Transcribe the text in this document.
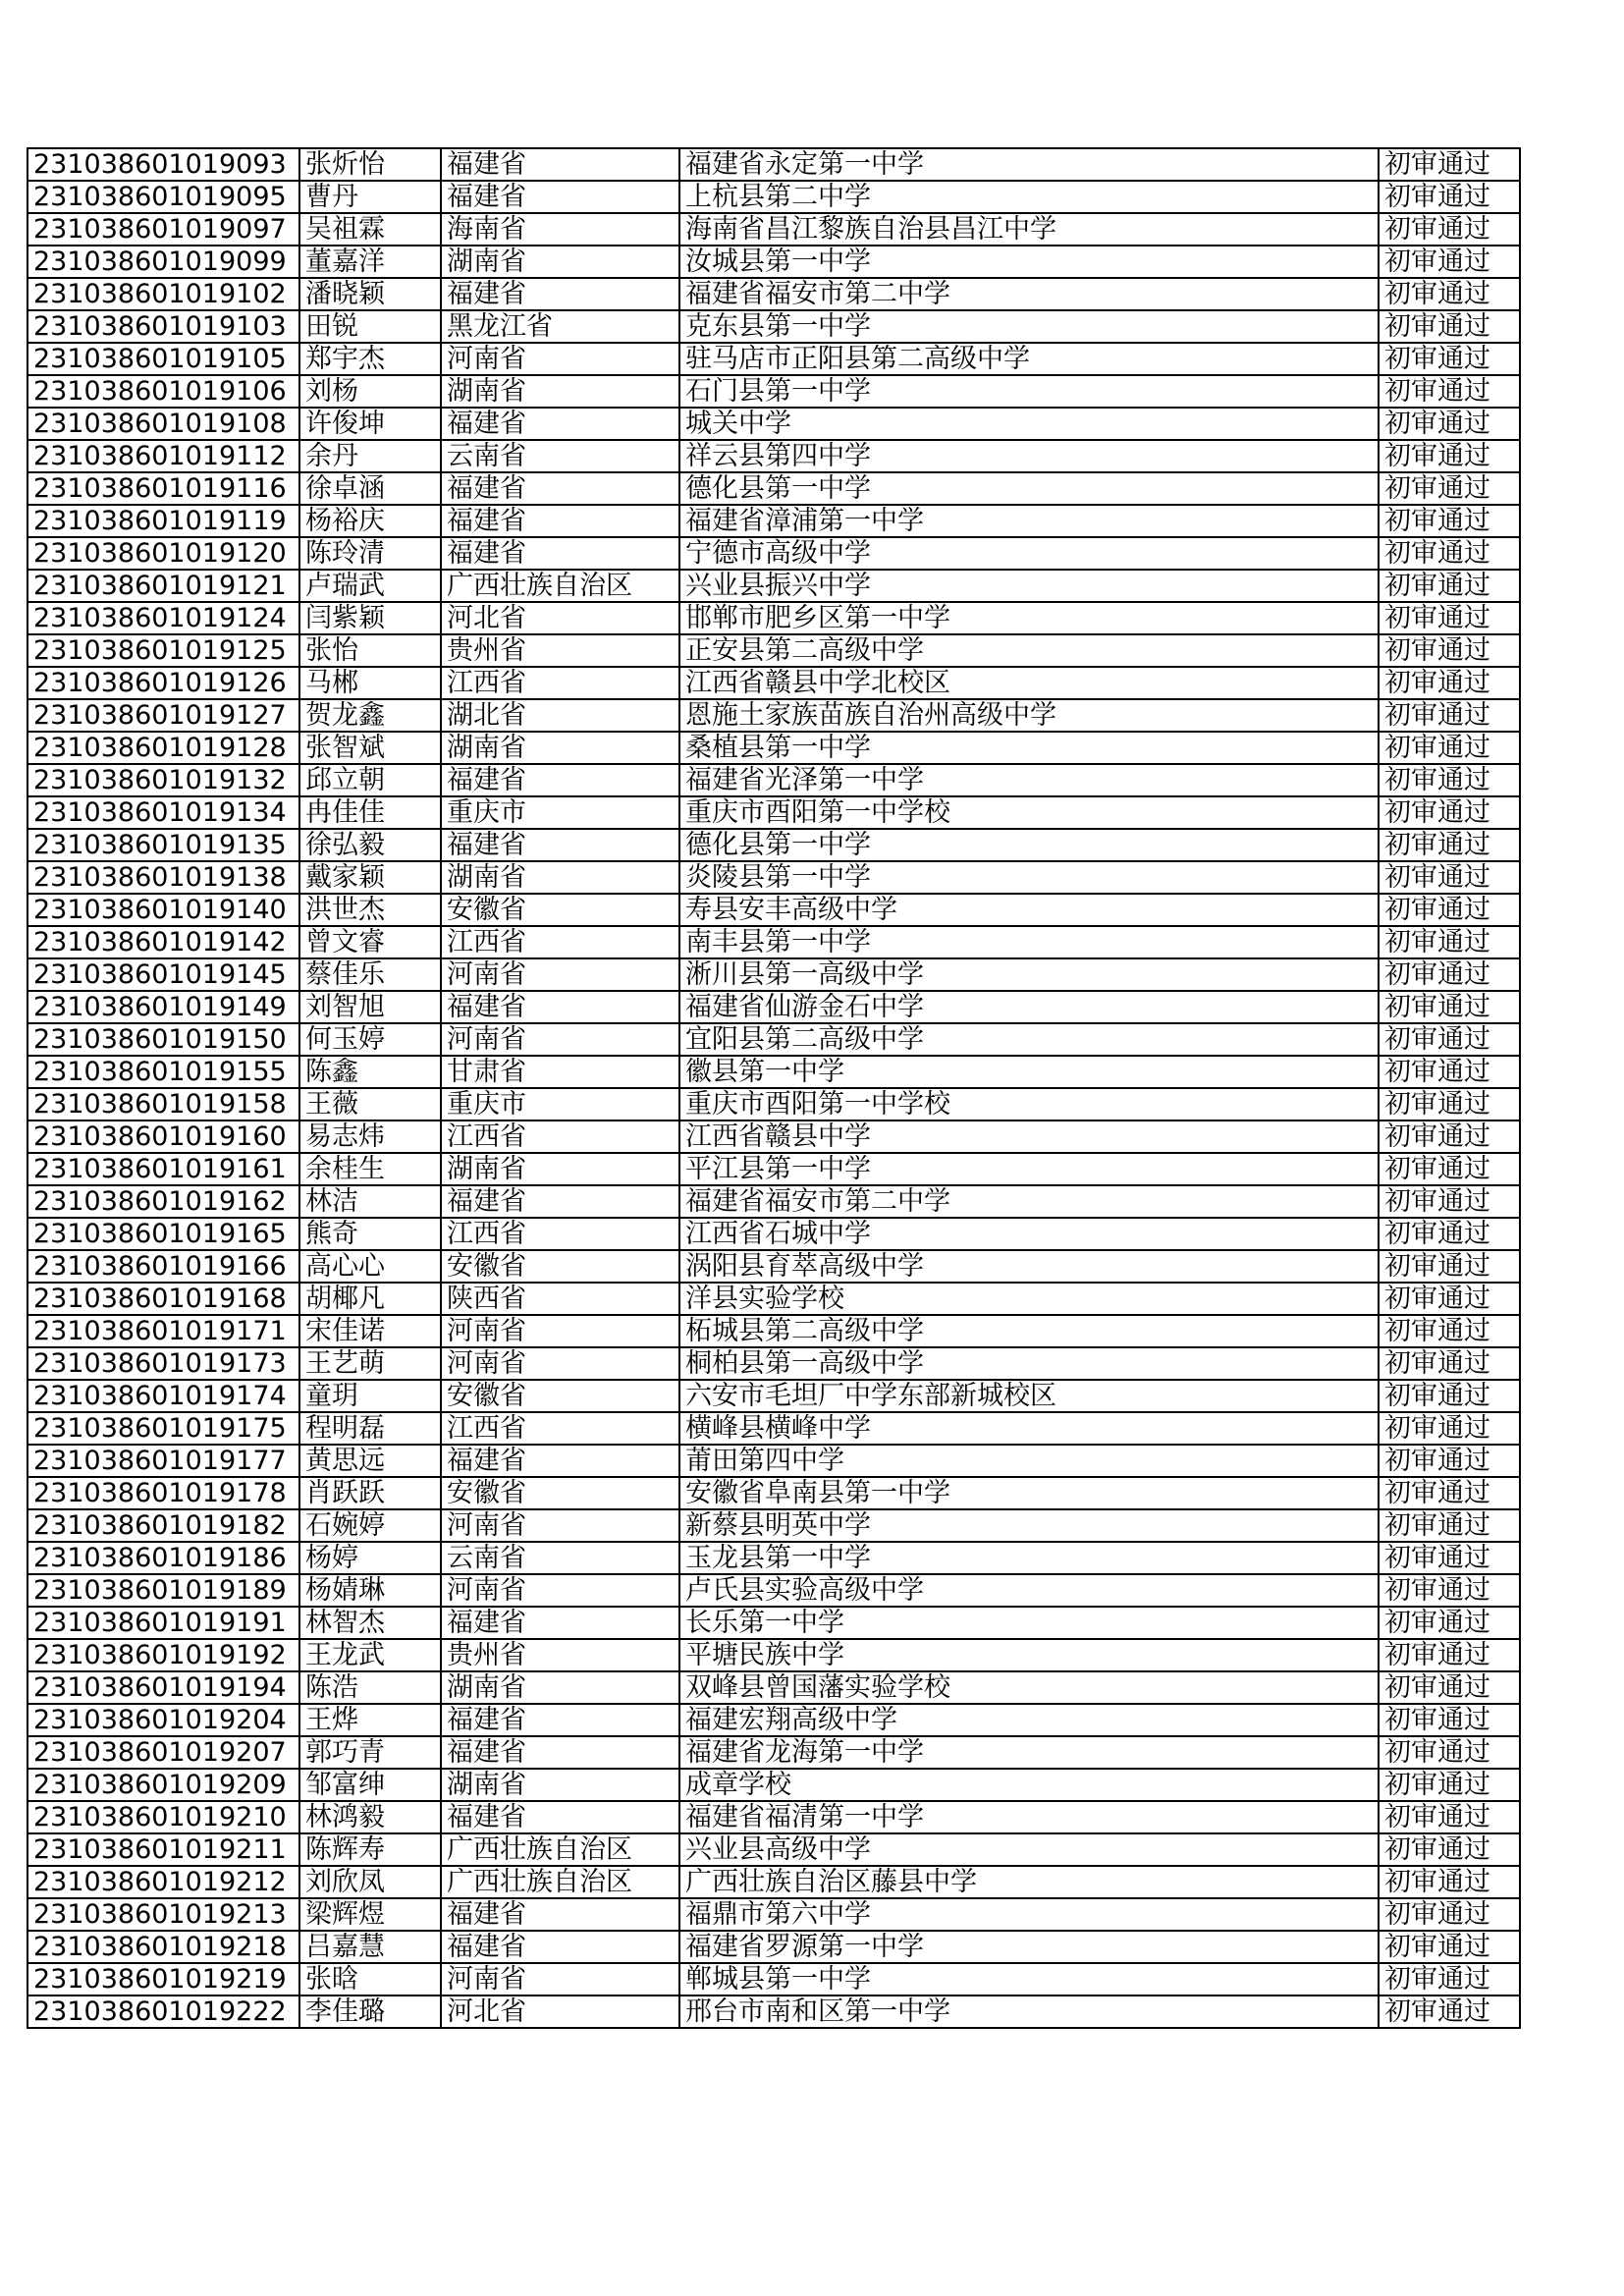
231038601019093	张炘怡	福建省	福建省永定第一中学	初审通过
231038601019095	曹丹	福建省	上杭县第二中学	初审通过
231038601019097	吴祖霖	海南省	海南省昌江黎族自治县昌江中学	初审通过
231038601019099	董嘉洋	湖南省	汝城县第一中学	初审通过
231038601019102	潘晓颖	福建省	福建省福安市第二中学	初审通过
231038601019103	田锐	黑龙江省	克东县第一中学	初审通过
231038601019105	郑宇杰	河南省	驻马店市正阳县第二高级中学	初审通过
231038601019106	刘杨	湖南省	石门县第一中学	初审通过
231038601019108	许俊坤	福建省	城关中学	初审通过
231038601019112	余丹	云南省	祥云县第四中学	初审通过
231038601019116	徐卓涵	福建省	德化县第一中学	初审通过
231038601019119	杨裕庆	福建省	福建省漳浦第一中学	初审通过
231038601019120	陈玲清	福建省	宁德市高级中学	初审通过
231038601019121	卢瑞武	广西壮族自治区	兴业县振兴中学	初审通过
231038601019124	闫紫颖	河北省	邯郸市肥乡区第一中学	初审通过
231038601019125	张怡	贵州省	正安县第二高级中学	初审通过
231038601019126	马郴	江西省	江西省赣县中学北校区	初审通过
231038601019127	贺龙鑫	湖北省	恩施土家族苗族自治州高级中学	初审通过
231038601019128	张智斌	湖南省	桑植县第一中学	初审通过
231038601019132	邱立朝	福建省	福建省光泽第一中学	初审通过
231038601019134	冉佳佳	重庆市	重庆市酉阳第一中学校	初审通过
231038601019135	徐弘毅	福建省	德化县第一中学	初审通过
231038601019138	戴家颖	湖南省	炎陵县第一中学	初审通过
231038601019140	洪世杰	安徽省	寿县安丰高级中学	初审通过
231038601019142	曾文睿	江西省	南丰县第一中学	初审通过
231038601019145	蔡佳乐	河南省	淅川县第一高级中学	初审通过
231038601019149	刘智旭	福建省	福建省仙游金石中学	初审通过
231038601019150	何玉婷	河南省	宜阳县第二高级中学	初审通过
231038601019155	陈鑫	甘肃省	徽县第一中学	初审通过
231038601019158	王薇	重庆市	重庆市酉阳第一中学校	初审通过
231038601019160	易志炜	江西省	江西省赣县中学	初审通过
231038601019161	余桂生	湖南省	平江县第一中学	初审通过
231038601019162	林洁	福建省	福建省福安市第二中学	初审通过
231038601019165	熊奇	江西省	江西省石城中学	初审通过
231038601019166	高心心	安徽省	涡阳县育萃高级中学	初审通过
231038601019168	胡椰凡	陕西省	洋县实验学校	初审通过
231038601019171	宋佳诺	河南省	柘城县第二高级中学	初审通过
231038601019173	王艺萌	河南省	桐柏县第一高级中学	初审通过
231038601019174	童玥	安徽省	六安市毛坦厂中学东部新城校区	初审通过
231038601019175	程明磊	江西省	横峰县横峰中学	初审通过
231038601019177	黄思远	福建省	莆田第四中学	初审通过
231038601019178	肖跃跃	安徽省	安徽省阜南县第一中学	初审通过
231038601019182	石婉婷	河南省	新蔡县明英中学	初审通过
231038601019186	杨婷	云南省	玉龙县第一中学	初审通过
231038601019189	杨婧琳	河南省	卢氏县实验高级中学	初审通过
231038601019191	林智杰	福建省	长乐第一中学	初审通过
231038601019192	王龙武	贵州省	平塘民族中学	初审通过
231038601019194	陈浩	湖南省	双峰县曾国藩实验学校	初审通过
231038601019204	王烨	福建省	福建宏翔高级中学	初审通过
231038601019207	郭巧青	福建省	福建省龙海第一中学	初审通过
231038601019209	邹富绅	湖南省	成章学校	初审通过
231038601019210	林鸿毅	福建省	福建省福清第一中学	初审通过
231038601019211	陈辉寿	广西壮族自治区	兴业县高级中学	初审通过
231038601019212	刘欣凤	广西壮族自治区	广西壮族自治区藤县中学	初审通过
231038601019213	梁辉煜	福建省	福鼎市第六中学	初审通过
231038601019218	吕嘉慧	福建省	福建省罗源第一中学	初审通过
231038601019219	张晗	河南省	郸城县第一中学	初审通过
231038601019222	李佳璐	河北省	邢台市南和区第一中学	初审通过
